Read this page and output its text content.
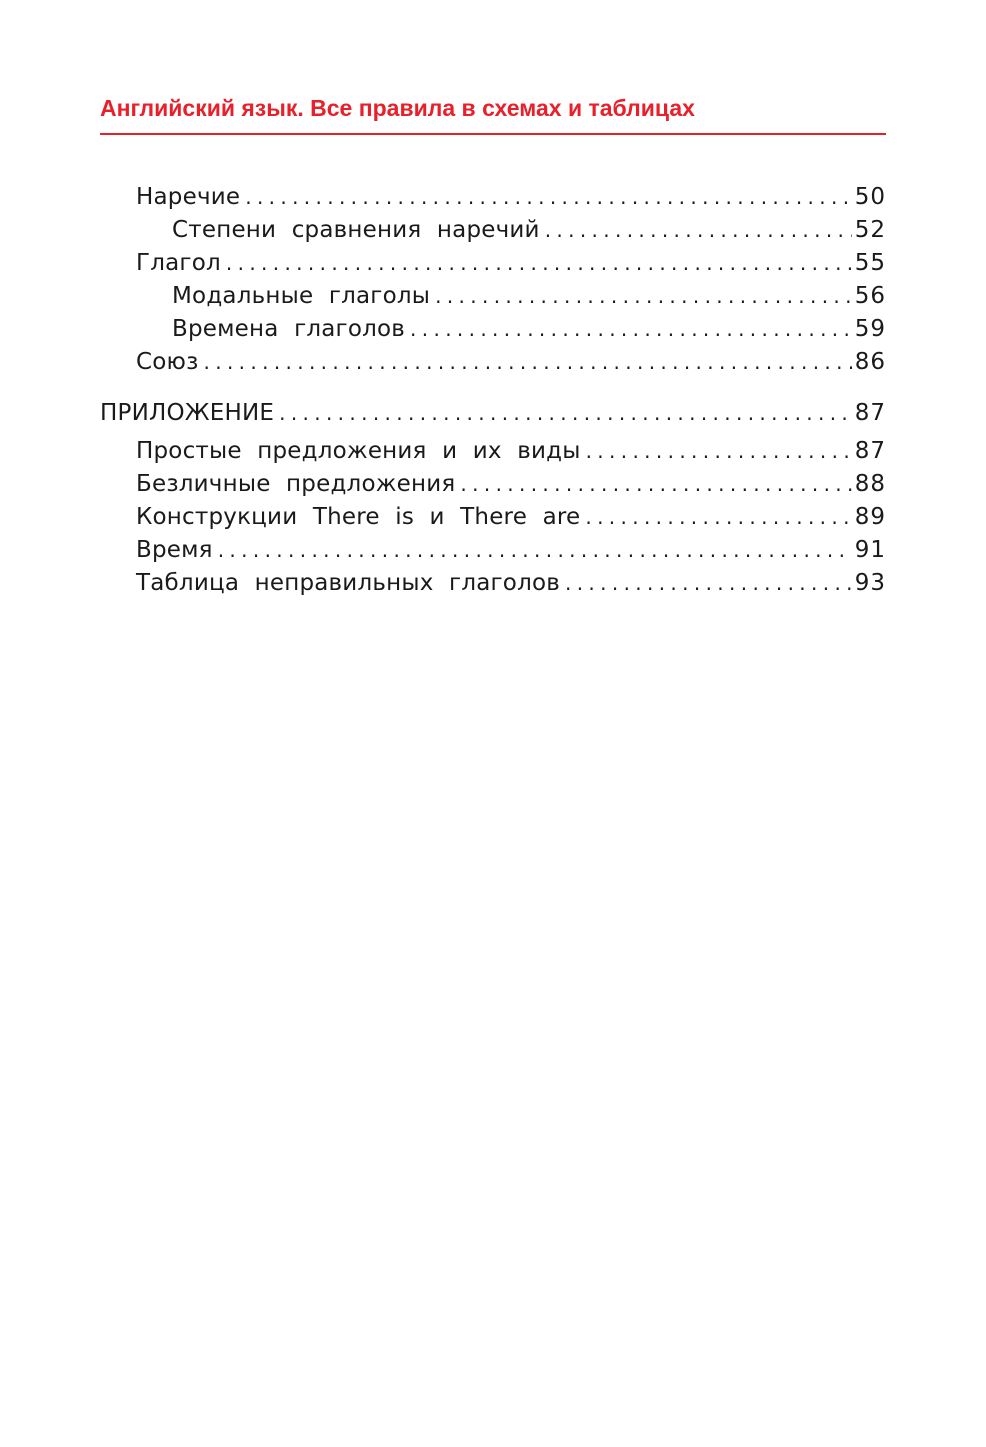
Английский язык. Все правила в схемах и таблицах
Наречие . . .	50
Степени сравнения наречий . . .	52
Глагол . . .	55
Модальные глаголы . . .	56
Времена глаголов . . .	59
Союз . . .	86
ПРИЛОЖЕНИЕ . . .	87
Простые предложения и их виды . . .	87
Безличные предложения . . .	88
Конструкции There is и There are . . .	89
Время . . .	91
Таблица неправильных глаголов . . .	93
